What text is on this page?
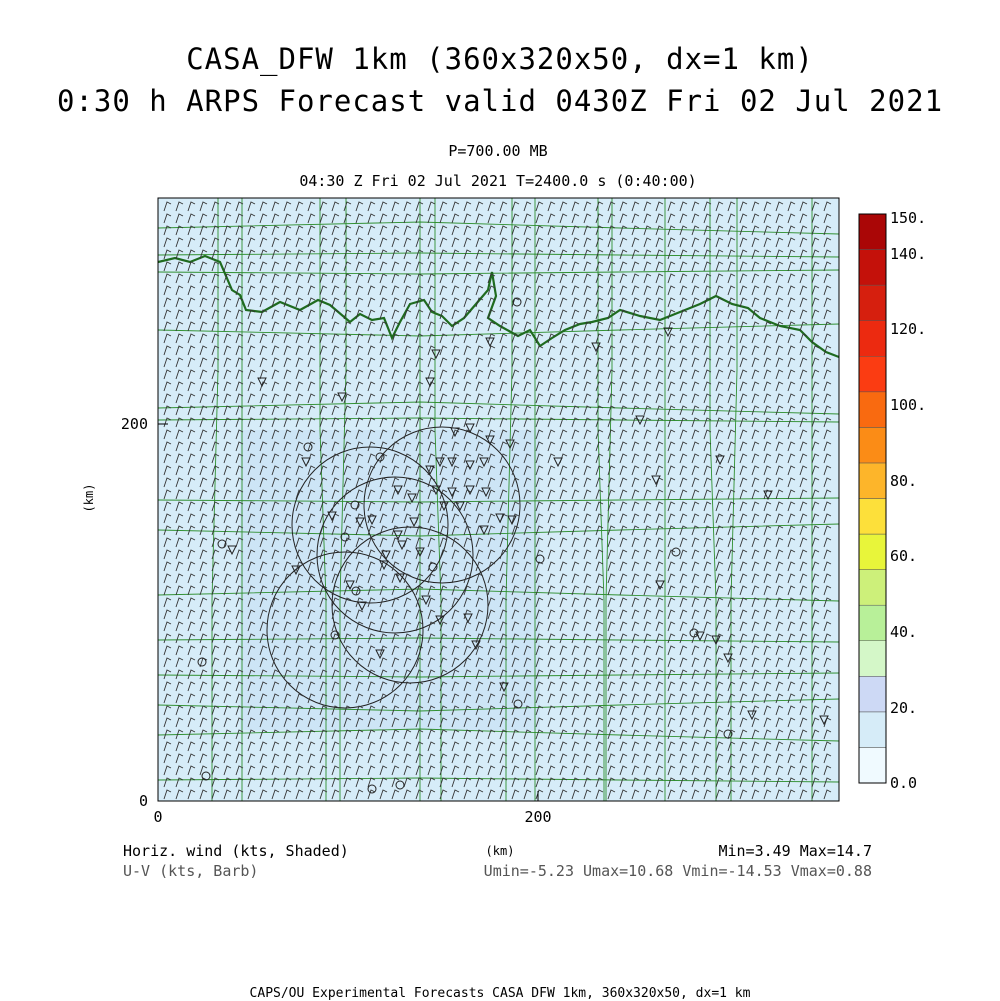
CASA_DFW 1km (360x320x50, dx=1 km)
0:30 h ARPS Forecast valid 0430Z Fri 02 Jul 2021
P=700.00 MB
04:30 Z Fri 02 Jul 2021 T=2400.0 s (0:40:00)
200
0
0	200
(km)
(km)
150.
140.
120.
100.
80.
60.
40.
20.
0.0
Horiz. wind (kts, Shaded)
U-V (kts, Barb)
Min=3.49 Max=14.7
Umin=-5.23 Umax=10.68 Vmin=-14.53 Vmax=0.88
CAPS/OU Experimental Forecasts CASA DFW 1km, 360x320x50, dx=1 km
